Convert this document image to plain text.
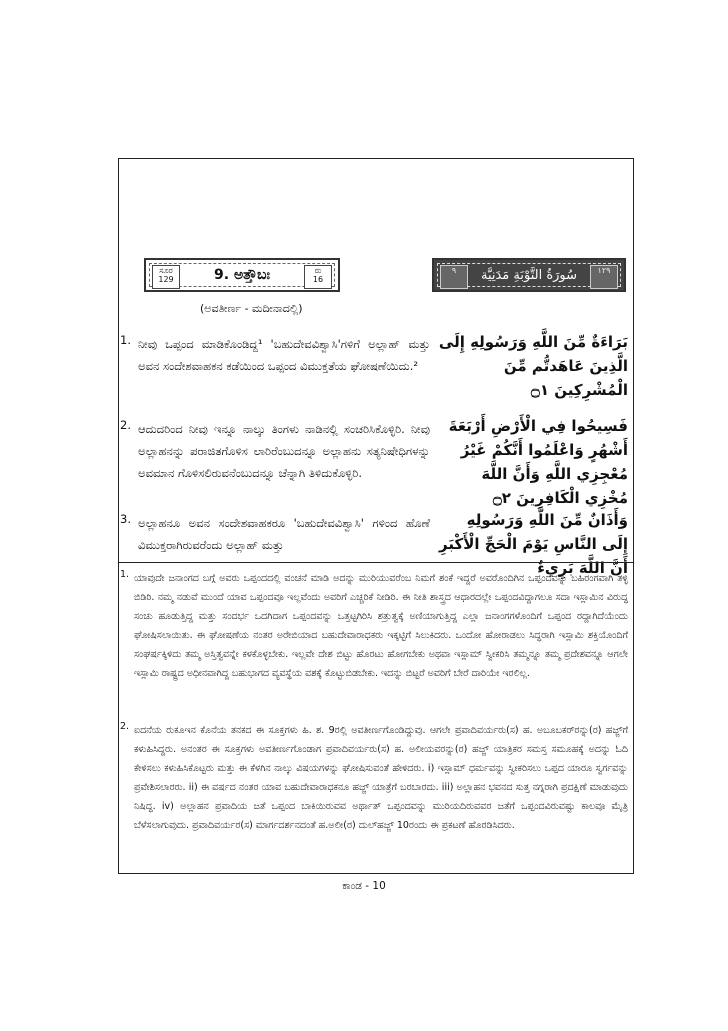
ಸೂರ
129	9. ಅತ್ತೌಬಃ	ರು
16
٩	سُورَةُ التَّوْبَةِ مَدَنِيَّة	١٢٩
(ಅವತೀರ್ಣ - ಮದೀನಾದಲ್ಲಿ)
1. ನೀವು ಒಪ್ಪಂದ ಮಾಡಿಕೊಂಡಿದ್ದ¹ 'ಬಹುದೇವವಿಶ್ವಾಸಿ'ಗಳಿಗೆ ಅಲ್ಲಾಹ್ ಮತ್ತು ಅವನ ಸಂದೇಶವಾಹಕನ ಕಡೆಯಿಂದ ಒಪ್ಪಂದ ವಿಮುಕ್ತತೆಯ ಘೋಷಣೆಯಿದು.²
بَرَاءَةٌ مِّنَ اللَّهِ وَرَسُولِهِ إِلَى الَّذِينَ عَاهَدتُّم مِّنَ الْمُشْرِكِينَ ۝١
2. ಆದುದರಿಂದ ನೀವು ಇನ್ನೂ ನಾಲ್ಕು ತಿಂಗಳು ನಾಡಿನಲ್ಲಿ ಸಂಚರಿಸಿಕೊಳ್ಳಿರಿ. ನೀವು ಅಲ್ಲಾಹನನ್ನು ಪರಾಜಿತಗೊಳಿಸ ಲಾರಿರೆಂಬುದನ್ನೂ ಅಲ್ಲಾಹನು ಸತ್ಯನಿಷೇಧಿಗಳನ್ನು ಅವಮಾನ ಗೊಳಿಸಲಿರುವನೆಂಬುದನ್ನೂ ಚೆನ್ನಾಗಿ ತಿಳಿದುಕೊಳ್ಳಿರಿ.
فَسِيحُوا فِي الْأَرْضِ أَرْبَعَةَ أَشْهُرٍ وَاعْلَمُوا أَنَّكُمْ غَيْرُ مُعْجِزِي اللَّهِ وَأَنَّ اللَّهَ مُخْزِي الْكَافِرِينَ ۝٢
3. ಅಲ್ಲಾಹನೂ ಅವನ ಸಂದೇಶವಾಹಕರೂ 'ಬಹುದೇವವಿಶ್ವಾಸಿ' ಗಳಿಂದ ಹೊಣೆ ವಿಮುಕ್ತರಾಗಿರುವರೆಂದು ಅಲ್ಲಾಹ್ ಮತ್ತು
وَأَذَانٌ مِّنَ اللَّهِ وَرَسُولِهِ إِلَى النَّاسِ يَوْمَ الْحَجِّ الْأَكْبَرِ أَنَّ اللَّهَ بَرِيءٌ
1. ಯಾವುದೇ ಜನಾಂಗದ ಬಗ್ಗೆ ಅವರು ಒಪ್ಪಂದದಲ್ಲಿ ವಂಚನೆ ಮಾಡಿ ಅದನ್ನು ಮುರಿಯುವರೆಂಬ ನಿಮಗೆ ಶಂಕೆ ಇದ್ದರೆ ಅವರೊಂದಿಗಿನ ಒಪ್ಪಂದವನ್ನು ಬಹಿರಂಗವಾಗಿ ತಳ್ಳಿ ಬಿಡಿರಿ. ನಮ್ಮ ನಡುವೆ ಮುಂದೆ ಯಾವ ಒಪ್ಪಂದವೂ ಇಲ್ಲವೆಂದು ಅವರಿಗೆ ಎಚ್ಚರಿಕೆ ನೀಡಿರಿ. ಈ ನೀತಿ ಶಾಸ್ತ್ರದ ಆಧಾರದಲ್ಲೇ ಒಪ್ಪಂದವಿದ್ದಾಗಲೂ ಸದಾ ಇಸ್ಲಾಮಿನ ವಿರುದ್ಧ ಸಂಚು ಹೂಡುತ್ತಿದ್ದ ಮತ್ತು ಸಂದರ್ಭ ಒದಗಿದಾಗ ಒಪ್ಪಂದವನ್ನು ಒತ್ತಟ್ಟಗಿರಿಸಿ ಶತ್ರುತ್ವಕ್ಕೆ ಅಣಿಯಾಗುತ್ತಿದ್ದ ಎಲ್ಲಾ ಜನಾಂಗಗಳೊಂದಿಗೆ ಒಪ್ಪಂದ ರದ್ದಾಗಿದೆಯೆಂದು ಘೋಷಿಸಲಾಯಿತು. ಈ ಘೋಷಣೆಯ ನಂತರ ಅರೇಬಿಯಾದ ಬಹುದೇವಾರಾಧಕರು ಇಕ್ಕಟ್ಟಿಗೆ ಸಿಲುಕಿದರು. ಒಂದೋ ಹೋರಾಡಲು ಸಿದ್ಧರಾಗಿ ಇಸ್ಲಾಮಿ ಶಕ್ತಿಯೊಂದಿಗೆ ಸಂಘರ್ಷಕ್ಕಿಳಿದು ತಮ್ಮ ಅಸ್ತಿತ್ವವನ್ನೇ ಕಳಕೊಳ್ಳಬೇಕು. ಇಲ್ಲವೇ ದೇಶ ಬಿಟ್ಟು ಹೊರಟು ಹೋಗಬೇಕು ಅಥವಾ ಇಸ್ಲಾಮ್ ಸ್ವೀಕರಿಸಿ ತಮ್ಮನ್ನೂ ತಮ್ಮ ಪ್ರದೇಶವನ್ನೂ ಆಗಲೇ ಇಸ್ಲಾಮಿ ರಾಷ್ಟ್ರದ ಅಧೀನವಾಗಿದ್ದ ಬಹುಭಾಗದ ವ್ಯವಸ್ಥೆಯ ವಶಕ್ಕೆ ಕೊಟ್ಟುಬಿಡಬೇಕು. ಇದನ್ನು ಬಿಟ್ಟರೆ ಅವರಿಗೆ ಬೇರೆ ದಾರಿಯೇ ಇರಲಿಲ್ಲ.
2. ಐದನೆಯ ರುಕೂಇನ ಕೊನೆಯ ತನಕದ ಈ ಸೂಕ್ತಗಳು ಹಿ. ಶ. 9ರಲ್ಲಿ ಅವತೀರ್ಣಗೊಂಡಿದ್ದುವು. ಆಗಲೇ ಪ್ರವಾದಿವರ್ಯರು(ಸ) ಹ. ಅಬೂಬಕರ್‌ರನ್ನು(ರ) ಹಜ್ಜ್‌ಗೆ ಕಳುಹಿಸಿದ್ದರು. ಅನಂತರ ಈ ಸೂಕ್ತಗಳು ಅವತೀರ್ಣಗೊಂಡಾಗ ಪ್ರವಾದಿವರ್ಯರು(ಸ) ಹ. ಅಲೀಯವರನ್ನು(ರ) ಹಜ್ಜ್‌ ಯಾತ್ರಿಕರ ಸಮಸ್ತ ಸಮೂಹಕ್ಕೆ ಅದನ್ನು ಓದಿ ಕೇಳಿಸಲು ಕಳುಹಿಸಿಕೊಟ್ಟರು ಮತ್ತು ಈ ಕೆಳಗಿನ ನಾಲ್ಕು ವಿಷಯಗಳನ್ನು ಘೋಷಿಸುವಂತೆ ಹೇಳಿದರು. i) ಇಸ್ಲಾಮ್ ಧರ್ಮವನ್ನು ಸ್ವೀಕರಿಸಲು ಒಪ್ಪದ ಯಾರೂ ಸ್ವರ್ಗವನ್ನು ಪ್ರವೇಶಿಸಲಾರರು. ii) ಈ ವರ್ಷದ ನಂತರ ಯಾವ ಬಹುದೇವಾರಾಧಕನೂ ಹಜ್ಜ್‌ ಯಾತ್ರೆಗೆ ಬರಬಾರದು. iii) ಅಲ್ಲಾಹನ ಭವನದ ಸುತ್ತ ನಗ್ನರಾಗಿ ಪ್ರದಕ್ಷಿಣೆ ಮಾಡುವುದು ನಿಷಿದ್ಧ. iv) ಅಲ್ಲಾಹನ ಪ್ರವಾದಿಯ ಜತೆ ಒಪ್ಪಂದ ಬಾಕಿಯಿರುವವ ಅರ್ಥಾತ್ ಒಪ್ಪಂದವನ್ನು ಮುರಿಯದಿರುವವರ ಜತೆಗೆ ಒಪ್ಪಂದವಿರುವಷ್ಟು ಕಾಲವೂ ಮೈತ್ರಿ ಬೆಳೆಸಲಾಗುವುದು. ಪ್ರವಾದಿವರ್ಯರ(ಸ) ಮಾರ್ಗದರ್ಶನದಂತೆ ಹ.ಅಲೀ(ರ) ದುಲ್‌ಹಜ್ಜ್‌ 10ರಂದು ಈ ಪ್ರಕಟಣೆ ಹೊರಡಿಸಿದರು.
ಕಾಂಡ - 10
